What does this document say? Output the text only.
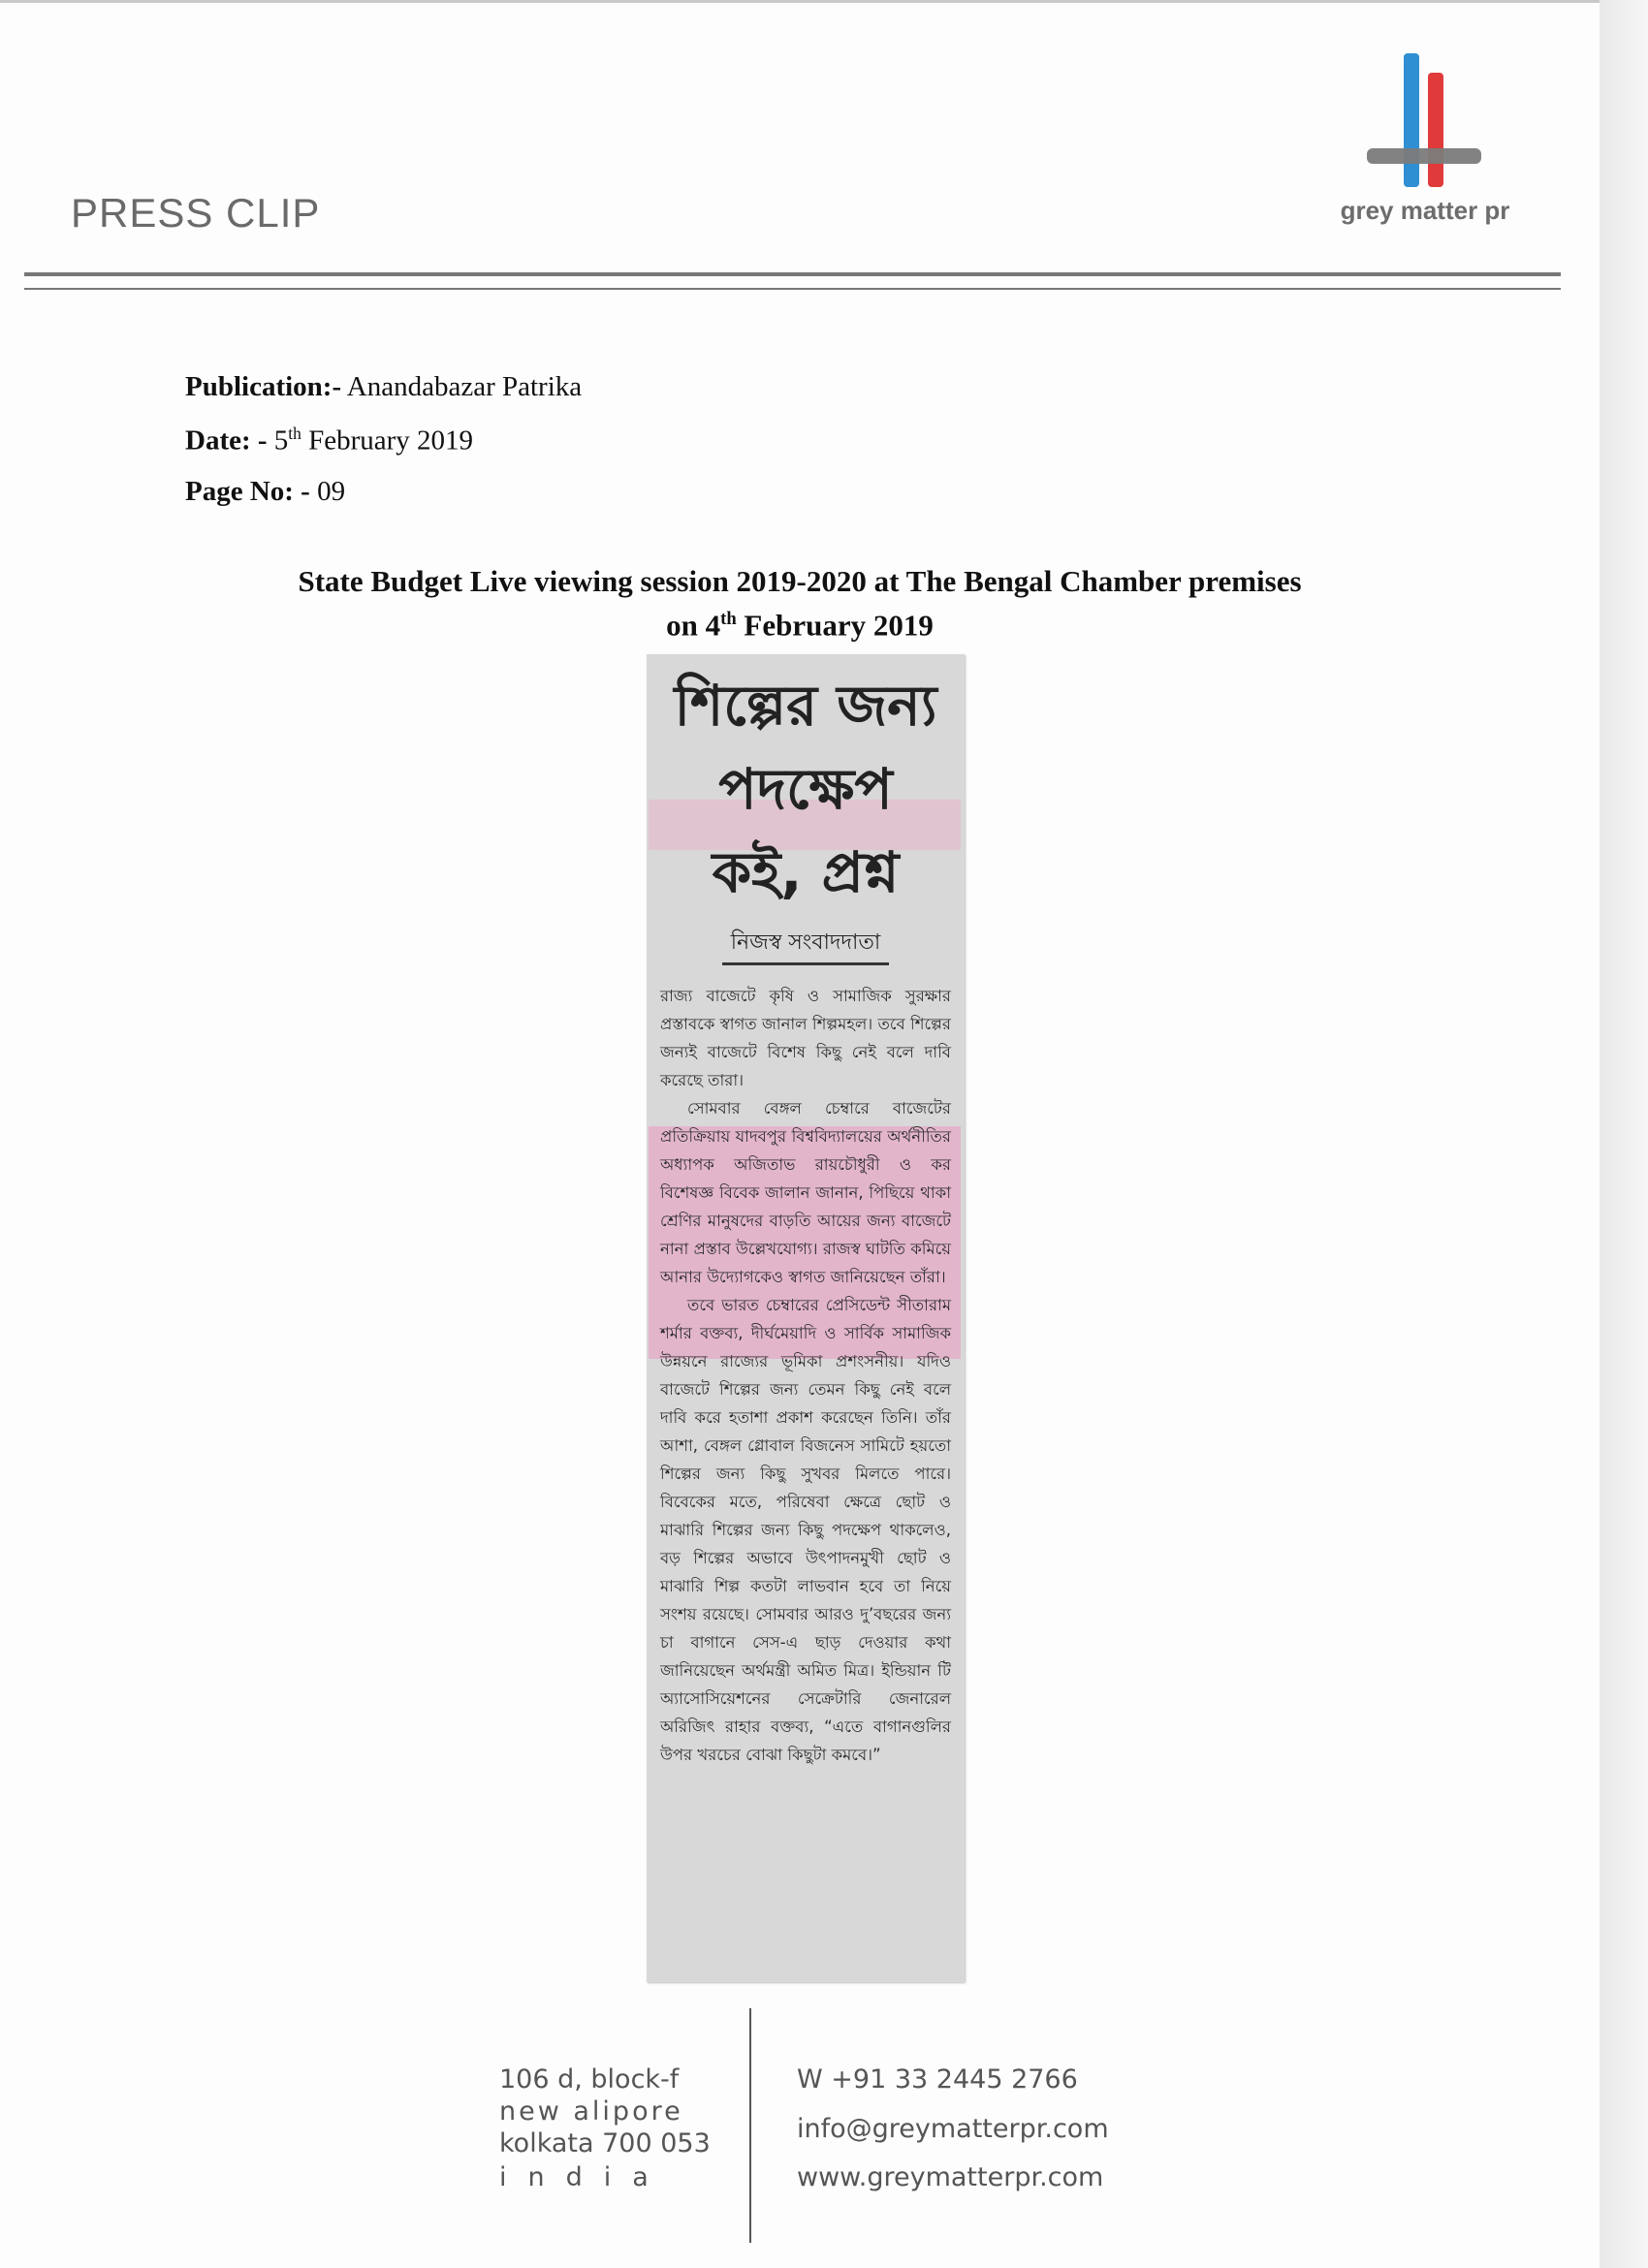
PRESS CLIP	grey matter pr
Publication:- Anandabazar Patrika
Date: - 5th February 2019
Page No: - 09
State Budget Live viewing session 2019-2020 at The Bengal Chamber premises
on 4th February 2019
শিল্পের জন্য
পদক্ষেপ
কই, প্রশ্ন
নিজস্ব সংবাদদাতা

রাজ্য বাজেটে কৃষি ও সামাজিক সুরক্ষার প্রস্তাবকে স্বাগত জানাল শিল্পমহল। তবে শিল্পের জন্যই বাজেটে বিশেষ কিছু নেই বলে দাবি করেছে তারা।

সোমবার বেঙ্গল চেম্বারে বাজেটের প্রতিক্রিয়ায় যাদবপুর বিশ্ববিদ্যালয়ের অর্থনীতির অধ্যাপক অজিতাভ রায়চৌধুরী ও কর বিশেষজ্ঞ বিবেক জালান জানান, পিছিয়ে থাকা শ্রেণির মানুষদের বাড়তি আয়ের জন্য বাজেটে নানা প্রস্তাব উল্লেখযোগ্য। রাজস্ব ঘাটতি কমিয়ে আনার উদ্যোগকেও স্বাগত জানিয়েছেন তাঁরা।

তবে ভারত চেম্বারের প্রেসিডেন্ট সীতারাম শর্মার বক্তব্য, দীর্ঘমেয়াদি ও সার্বিক সামাজিক উন্নয়নে রাজ্যের ভূমিকা প্রশংসনীয়। যদিও বাজেটে শিল্পের জন্য তেমন কিছু নেই বলে দাবি করে হতাশা প্রকাশ করেছেন তিনি। তাঁর আশা, বেঙ্গল গ্লোবাল বিজনেস সামিটে হয়তো শিল্পের জন্য কিছু সুখবর মিলতে পারে। বিবেকের মতে, পরিষেবা ক্ষেত্রে ছোট ও মাঝারি শিল্পের জন্য কিছু পদক্ষেপ থাকলেও, বড় শিল্পের অভাবে উৎপাদনমুখী ছোট ও মাঝারি শিল্প কতটা লাভবান হবে তা নিয়ে সংশয় রয়েছে। সোমবার আরও দু’বছরের জন্য চা বাগানে সেস-এ ছাড় দেওয়ার কথা জানিয়েছেন অর্থমন্ত্রী অমিত মিত্র। ইন্ডিয়ান টি অ্যাসোসিয়েশনের সেক্রেটারি জেনারেল অরিজিৎ রাহার বক্তব্য, “এতে বাগানগুলির উপর খরচের বোঝা কিছুটা কমবে।”

106 d, block-f
new alipore
kolkata 700 053
india
W +91 33 2445 2766
info@greymatterpr.com
www.greymatterpr.com
